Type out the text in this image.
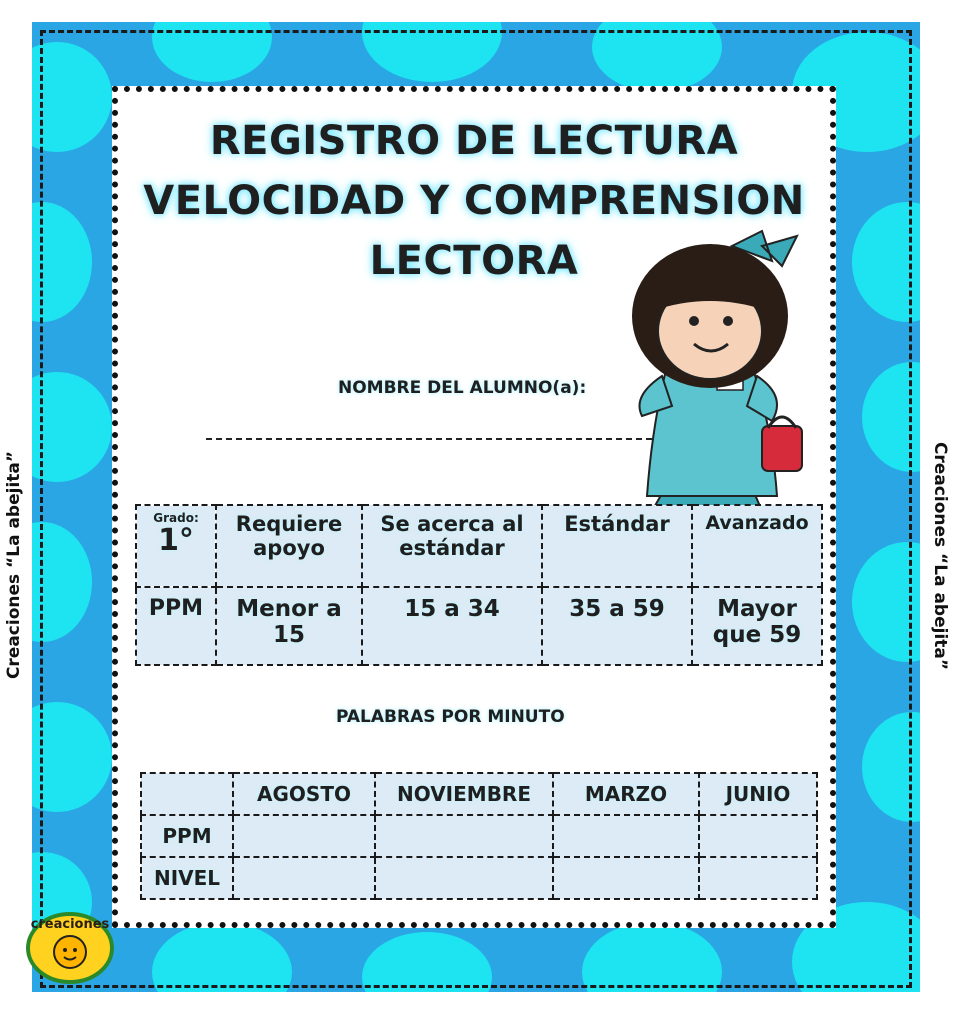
REGISTRO DE LECTURA
VELOCIDAD Y COMPRENSION
LECTORA
Creaciones “La abejita”	Creaciones “La abejita”
NOMBRE DEL ALUMNO(a):
Grado:
1°	Requiere apoyo	Se acerca al estándar	Estándar	Avanzado
PPM	Menor a 15	15 a 34	35 a 59	Mayor que 59
PALABRAS POR MINUTO
	AGOSTO	NOVIEMBRE	MARZO	JUNIO
PPM				
NIVEL				
creaciones
